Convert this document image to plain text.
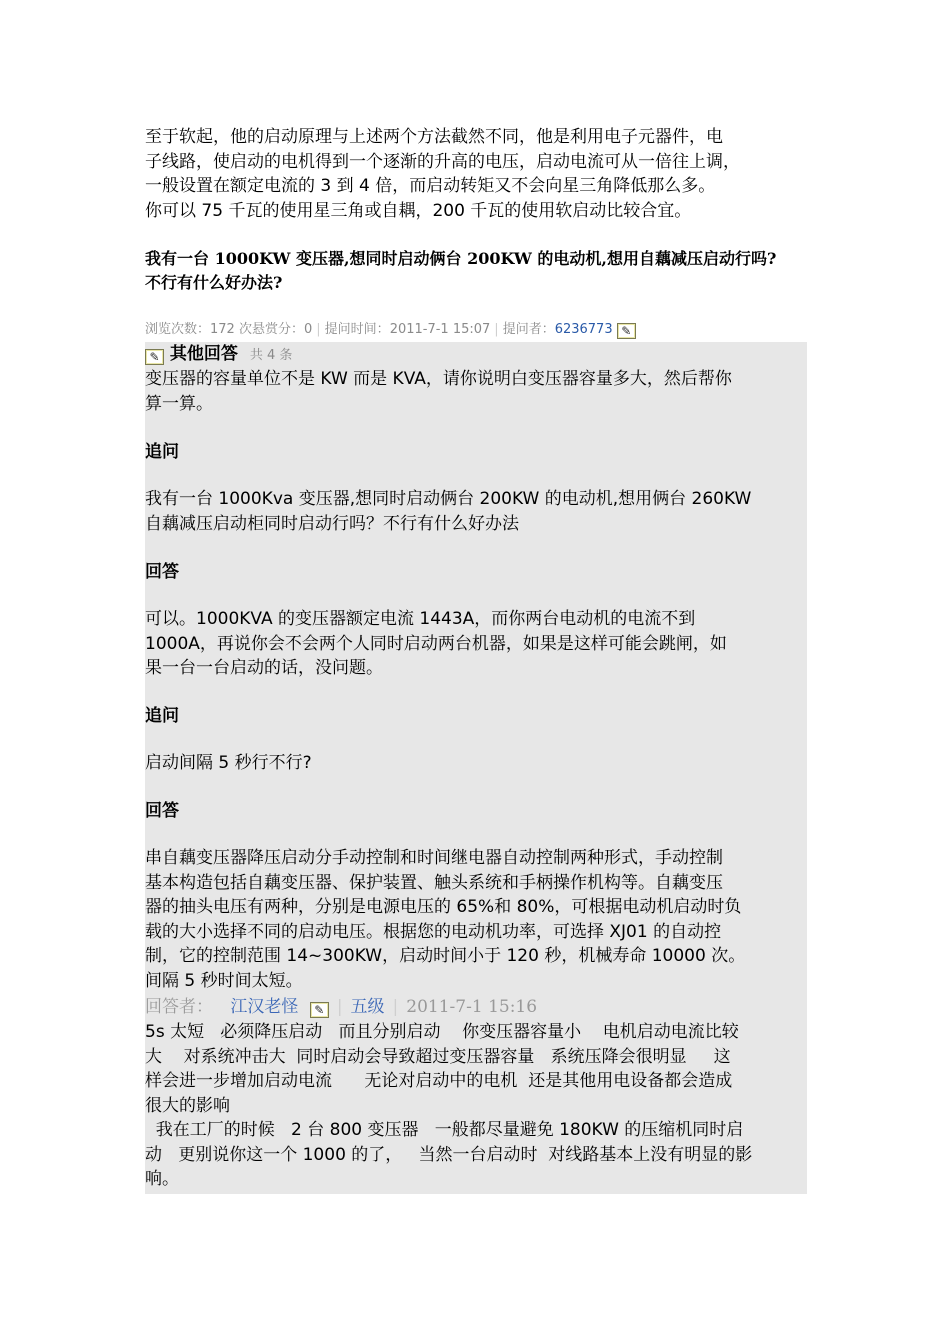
至于软起，他的启动原理与上述两个方法截然不同，他是利用电子元器件，电

子线路，使启动的电机得到一个逐渐的升高的电压，启动电流可从一倍往上调，

一般设置在额定电流的 3 到 4 倍，而启动转矩又不会向星三角降低那么多。

你可以 75 千瓦的使用星三角或自耦，200 千瓦的使用软启动比较合宜。

我有一台 1000KW 变压器,想同时启动俩台 200KW 的电动机,想用自藕减压启动行吗?
不行有什么好办法?
浏览次数：172 次悬赏分：0 | 提问时间：2011-7-1 15:07 | 提问者：6236773 ✎
✎ 其他回答 共 4 条

变压器的容量单位不是 KW 而是 KVA，请你说明白变压器容量多大，然后帮你

算一算。

追问

我有一台 1000Kva 变压器,想同时启动俩台 200KW 的电动机,想用俩台 260KW

自藕减压启动柜同时启动行吗？不行有什么好办法

回答

可以。1000KVA 的变压器额定电流 1443A，而你两台电动机的电流不到

1000A，再说你会不会两个人同时启动两台机器，如果是这样可能会跳闸，如

果一台一台启动的话，没问题。

追问

启动间隔 5 秒行不行?

回答

串自藕变压器降压启动分手动控制和时间继电器自动控制两种形式，手动控制

基本构造包括自藕变压器、保护装置、触头系统和手柄操作机构等。自藕变压

器的抽头电压有两种，分别是电源电压的 65%和 80%，可根据电动机启动时负

载的大小选择不同的启动电压。根据您的电动机功率，可选择 XJ01 的自动控

制，它的控制范围 14~300KW，启动时间小于 120 秒，机械寿命 10000 次。

间隔 5 秒时间太短。

回答者： 江汉老怪 ✎ | 五级 | 2011-7-1 15:16

5s 太短   必须降压启动   而且分别启动    你变压器容量小    电机启动电流比较

大    对系统冲击大  同时启动会导致超过变压器容量   系统压降会很明显     这

样会进一步增加启动电流      无论对启动中的电机  还是其他用电设备都会造成

很大的影响

我在工厂的时候   2 台 800 变压器   一般都尽量避免 180KW 的压缩机同时启

动   更别说你这一个 1000 的了，   当然一台启动时  对线路基本上没有明显的影

响。
